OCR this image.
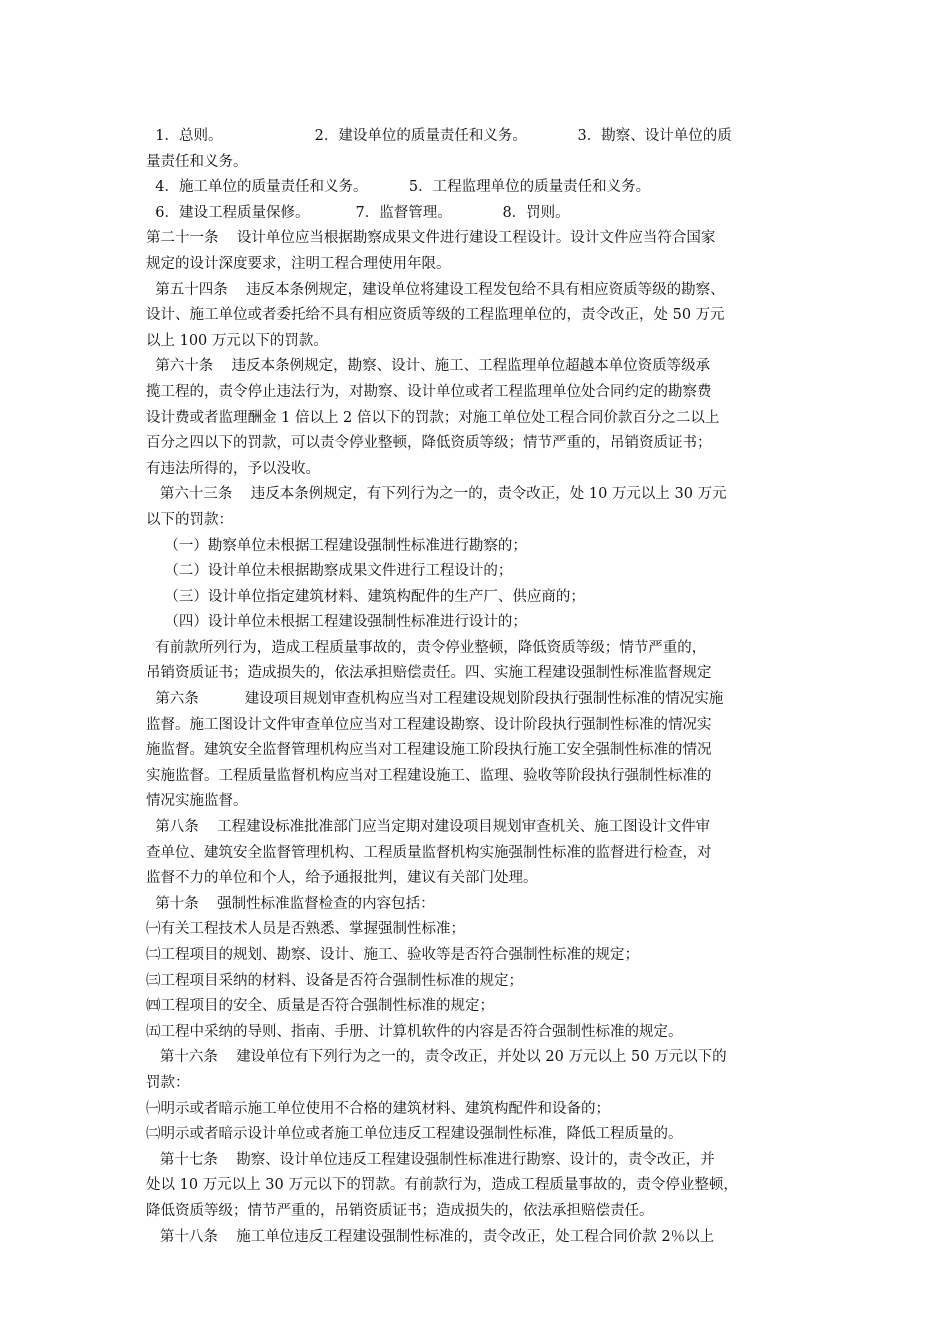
1．总则。                    2．建设单位的质量责任和义务。           3．勘察、设计单位的质
量责任和义务。
4．施工单位的质量责任和义务。         5．工程监理单位的质量责任和义务。
6．建设工程质量保修。          7．监督管理。           8．罚则。
第二十一条    设计单位应当根据勘察成果文件进行建设工程设计。设计文件应当符合国家
规定的设计深度要求，注明工程合理使用年限。
第五十四条    违反本条例规定，建设单位将建设工程发包给不具有相应资质等级的勘察、
设计、施工单位或者委托给不具有相应资质等级的工程监理单位的，责令改正，处 50 万元
以上 100 万元以下的罚款。
第六十条    违反本条例规定，勘察、设计、施工、工程监理单位超越本单位资质等级承
揽工程的，责令停止违法行为，对勘察、设计单位或者工程监理单位处合同约定的勘察费
设计费或者监理酬金 1 倍以上 2 倍以下的罚款；对施工单位处工程合同价款百分之二以上
百分之四以下的罚款，可以责令停业整顿，降低资质等级；情节严重的，吊销资质证书；
有违法所得的，予以没收。
第六十三条    违反本条例规定，有下列行为之一的，责令改正，处 10 万元以上 30 万元
以下的罚款：
（一）勘察单位未根据工程建设强制性标准进行勘察的；
（二）设计单位未根据勘察成果文件进行工程设计的；
（三）设计单位指定建筑材料、建筑构配件的生产厂、供应商的；
（四）设计单位未根据工程建设强制性标准进行设计的；
有前款所列行为，造成工程质量事故的，责令停业整顿，降低资质等级；情节严重的，
吊销资质证书；造成损失的，依法承担赔偿责任。四、实施工程建设强制性标准监督规定
第六条          建设项目规划审查机构应当对工程建设规划阶段执行强制性标准的情况实施
监督。施工图设计文件审查单位应当对工程建设勘察、设计阶段执行强制性标准的情况实
施监督。建筑安全监督管理机构应当对工程建设施工阶段执行施工安全强制性标准的情况
实施监督。工程质量监督机构应当对工程建设施工、监理、验收等阶段执行强制性标准的
情况实施监督。
第八条    工程建设标准批准部门应当定期对建设项目规划审查机关、施工图设计文件审
查单位、建筑安全监督管理机构、工程质量监督机构实施强制性标准的监督进行检查，对
监督不力的单位和个人，给予通报批判，建议有关部门处理。
第十条    强制性标准监督检查的内容包括：
㈠有关工程技术人员是否熟悉、掌握强制性标准；
㈡工程项目的规划、勘察、设计、施工、验收等是否符合强制性标准的规定；
㈢工程项目采纳的材料、设备是否符合强制性标准的规定；
㈣工程项目的安全、质量是否符合强制性标准的规定；
㈤工程中采纳的导则、指南、手册、计算机软件的内容是否符合强制性标准的规定。
第十六条    建设单位有下列行为之一的，责令改正，并处以 20 万元以上 50 万元以下的
罚款：
㈠明示或者暗示施工单位使用不合格的建筑材料、建筑构配件和设备的；
㈡明示或者暗示设计单位或者施工单位违反工程建设强制性标准，降低工程质量的。
第十七条    勘察、设计单位违反工程建设强制性标准进行勘察、设计的，责令改正，并
处以 10 万元以上 30 万元以下的罚款。有前款行为，造成工程质量事故的，责令停业整顿，
降低资质等级；情节严重的，吊销资质证书；造成损失的，依法承担赔偿责任。
第十八条    施工单位违反工程建设强制性标准的，责令改正，处工程合同价款 2％以上
